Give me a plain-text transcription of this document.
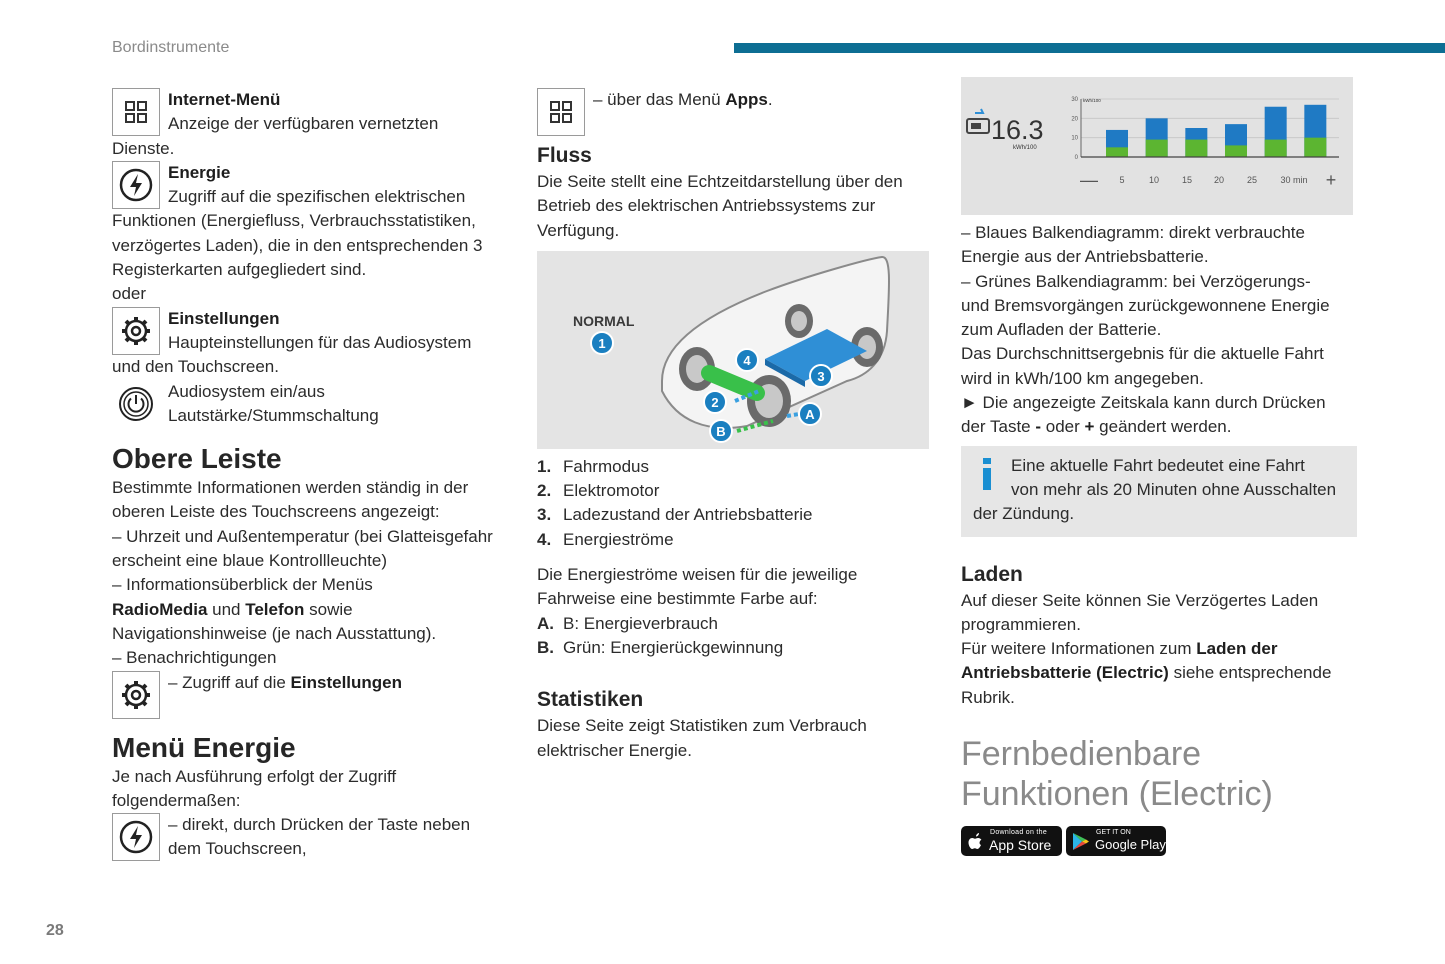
Bordinstrumente
Internet-Menü
Anzeige der verfügbaren vernetzten
Dienste.
Energie
Zugriff auf die spezifischen elektrischen
Funktionen (Energiefluss, Verbrauchsstatistiken,
verzögertes Laden), die in den entsprechenden 3
Registerkarten aufgegliedert sind.
oder
Einstellungen
Haupteinstellungen für das Audiosystem
und den Touchscreen.
Audiosystem ein/aus
Lautstärke/Stummschaltung
Obere Leiste
Bestimmte Informationen werden ständig in der
oberen Leiste des Touchscreens angezeigt:
– Uhrzeit und Außentemperatur (bei Glatteisgefahr
erscheint eine blaue Kontrollleuchte)
– Informationsüberblick der Menüs
RadioMedia und Telefon sowie
Navigationshinweise (je nach Ausstattung).
– Benachrichtigungen
– Zugriff auf die Einstellungen
Menü Energie
Je nach Ausführung erfolgt der Zugriff
folgendermaßen:
– direkt, durch Drücken der Taste neben
dem Touchscreen,
– über das Menü Apps.
Fluss
Die Seite stellt eine Echtzeitdarstellung über den
Betrieb des elektrischen Antriebssystems zur
Verfügung.
NORMAL
1
2
3
4
A
B
1. Fahrmodus
2. Elektromotor
3. Ladezustand der Antriebsbatterie
4. Energieströme
Die Energieströme weisen für die jeweilige
Fahrweise eine bestimmte Farbe auf:
A. B: Energieverbrauch
B. Grün: Energierückgewinnung
Statistiken
Diese Seite zeigt Statistiken zum Verbrauch
elektrischer Energie.
16.3
kWh/100
30
20
10
0
kWh/100
— 5	10	15 20	25	30 min +
– Blaues Balkendiagramm: direkt verbrauchte
Energie aus der Antriebsbatterie.
– Grünes Balkendiagramm: bei Verzögerungs-
und Bremsvorgängen zurückgewonnene Energie
zum Aufladen der Batterie.
Das Durchschnittsergebnis für die aktuelle Fahrt
wird in kWh/100 km angegeben.
► Die angezeigte Zeitskala kann durch Drücken
der Taste - oder + geändert werden.
Eine aktuelle Fahrt bedeutet eine Fahrt
von mehr als 20 Minuten ohne Ausschalten
der Zündung.
Laden
Auf dieser Seite können Sie Verzögertes Laden
programmieren.
Für weitere Informationen zum Laden der
Antriebsbatterie (Electric) siehe entsprechende
Rubrik.
Fernbedienbare
Funktionen (Electric)
Download on the
App Store
GET IT ON
Google Play
28
